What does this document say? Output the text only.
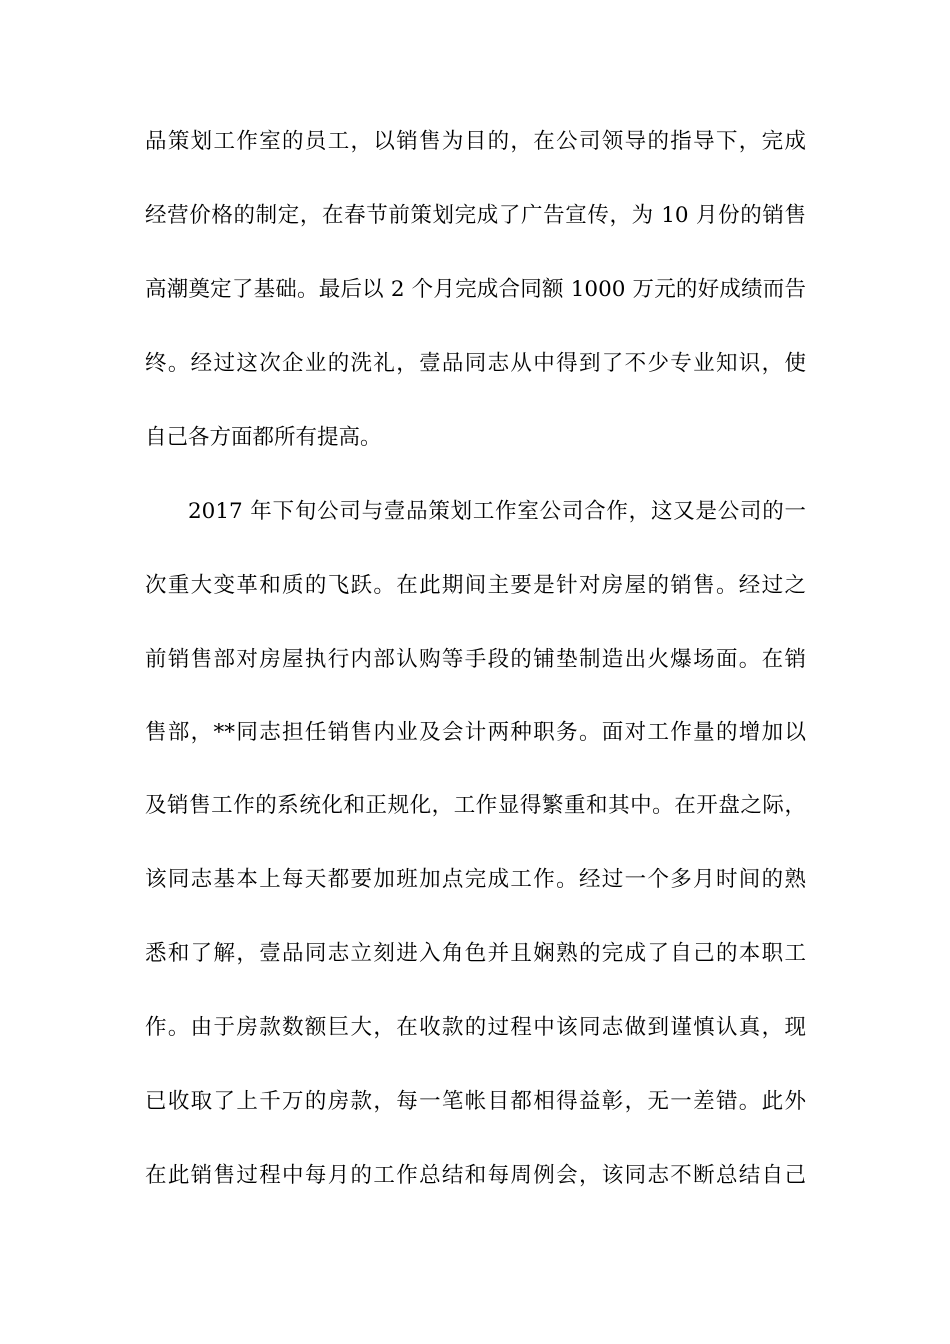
品策划工作室的员工，以销售为目的，在公司领导的指导下，完成
经营价格的制定，在春节前策划完成了广告宣传，为 10 月份的销售
高潮奠定了基础。最后以 2 个月完成合同额 1000 万元的好成绩而告
终。经过这次企业的洗礼，壹品同志从中得到了不少专业知识，使
自己各方面都所有提高。
2017 年下旬公司与壹品策划工作室公司合作，这又是公司的一
次重大变革和质的飞跃。在此期间主要是针对房屋的销售。经过之
前销售部对房屋执行内部认购等手段的铺垫制造出火爆场面。在销
售部，**同志担任销售内业及会计两种职务。面对工作量的增加以
及销售工作的系统化和正规化，工作显得繁重和其中。在开盘之际，
该同志基本上每天都要加班加点完成工作。经过一个多月时间的熟
悉和了解，壹品同志立刻进入角色并且娴熟的完成了自己的本职工
作。由于房款数额巨大，在收款的过程中该同志做到谨慎认真，现
已收取了上千万的房款，每一笔帐目都相得益彰，无一差错。此外
在此销售过程中每月的工作总结和每周例会，该同志不断总结自己
